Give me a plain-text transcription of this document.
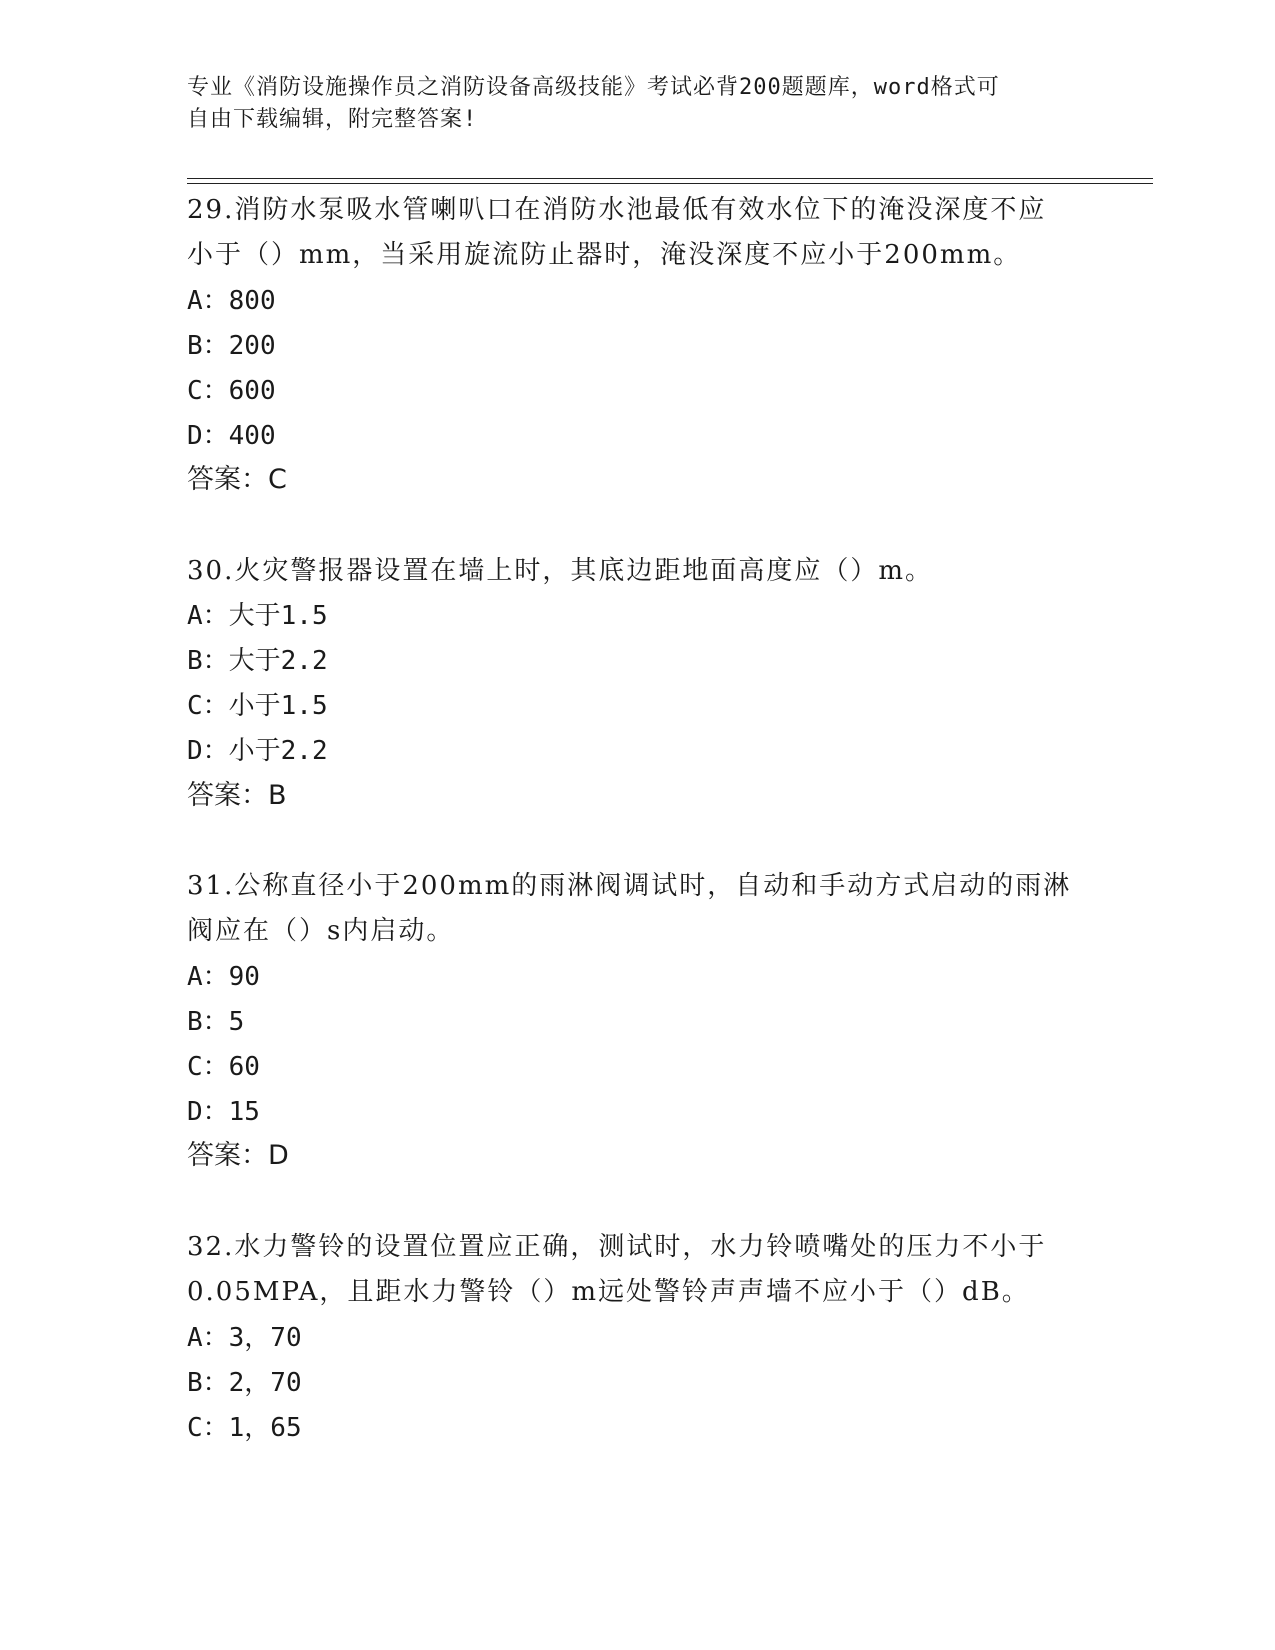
专业《消防设施操作员之消防设备高级技能》考试必背200题题库，word格式可
自由下载编辑，附完整答案!
29.消防水泵吸水管喇叭口在消防水池最低有效水位下的淹没深度不应
小于（）mm，当采用旋流防止器时，淹没深度不应小于200mm。
A：800
B：200
C：600
D：400
答案：C
30.火灾警报器设置在墙上时，其底边距地面高度应（）m。
A：大于1.5
B：大于2.2
C：小于1.5
D：小于2.2
答案：B
31.公称直径小于200mm的雨淋阀调试时，自动和手动方式启动的雨淋
阀应在（）s内启动。
A：90
B：5
C：60
D：15
答案：D
32.水力警铃的设置位置应正确，测试时，水力铃喷嘴处的压力不小于
0.05MPA，且距水力警铃（）m远处警铃声声墙不应小于（）dB。
A：3，70
B：2，70
C：1，65
